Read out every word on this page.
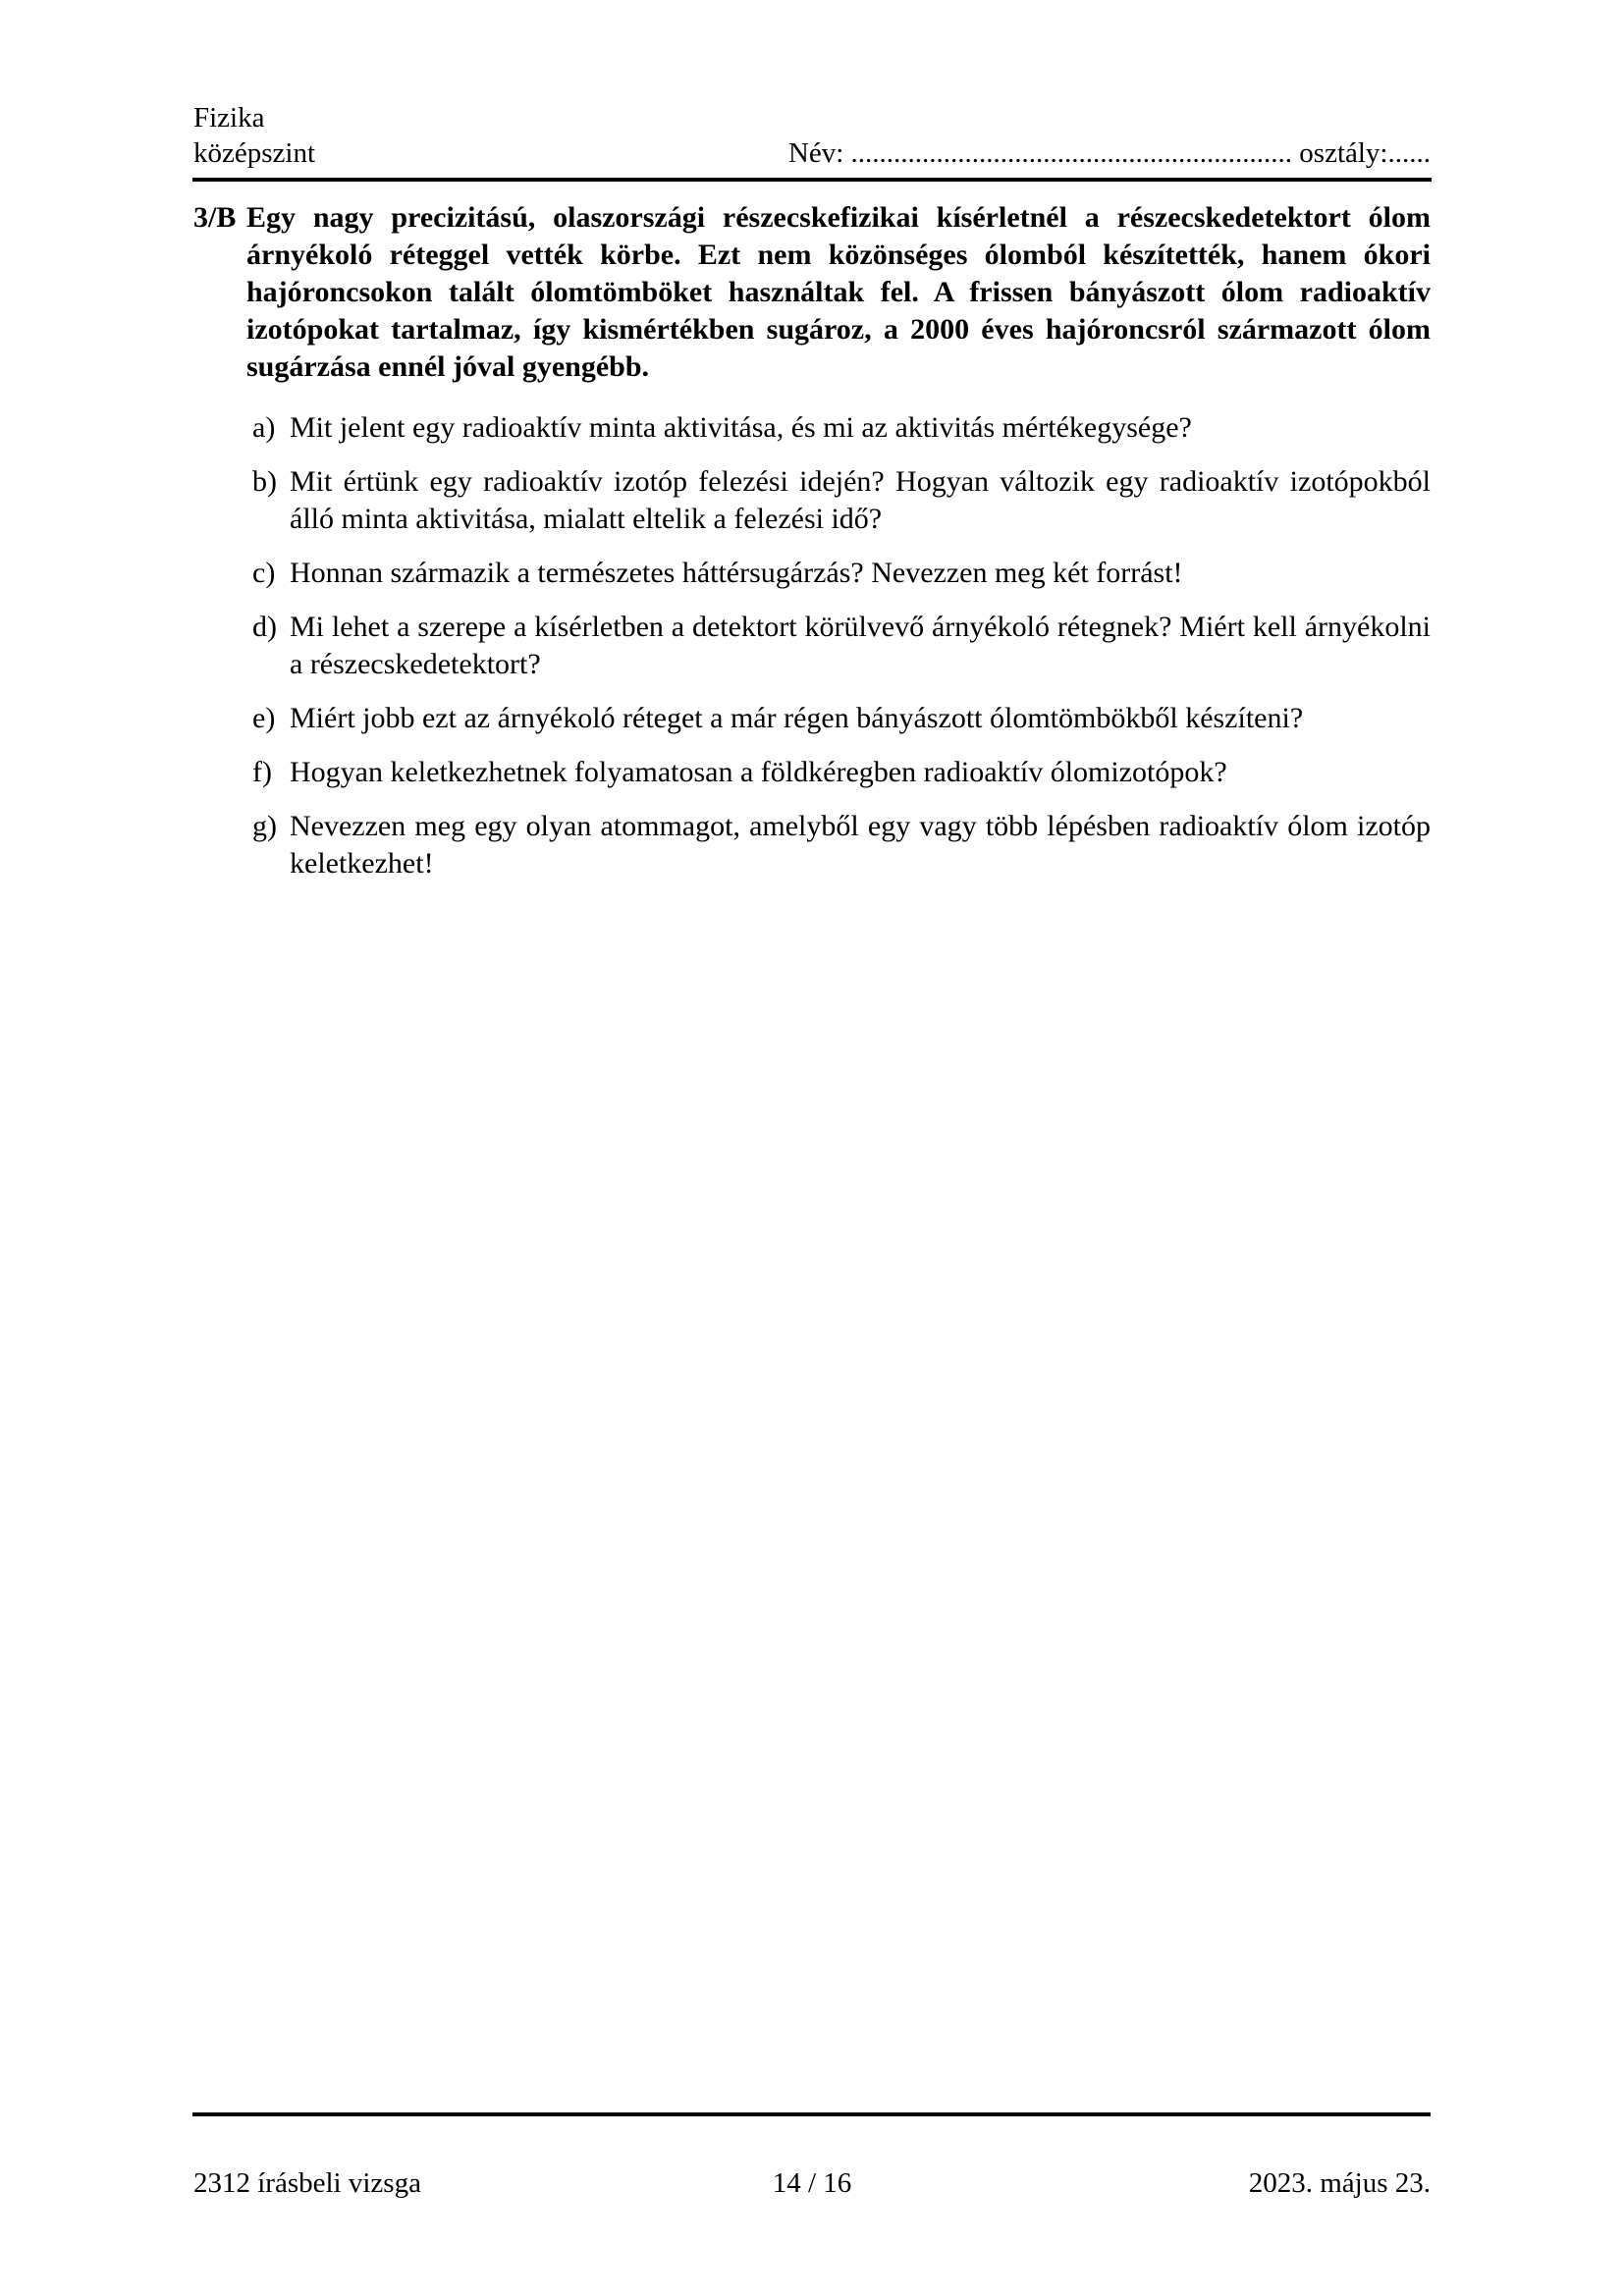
Fizika
középszint	Név: .............................................................. osztály:......
3/B Egy nagy precizitású, olaszországi részecskefizikai kísérletnél a részecskedetektort ólom árnyékoló réteggel vették körbe. Ezt nem közönséges ólomból készítették, hanem ókori hajóroncsokon talált ólomtömböket használtak fel. A frissen bányászott ólom radioaktív izotópokat tartalmaz, így kismértékben sugároz, a 2000 éves hajóroncsról származott ólom sugárzása ennél jóval gyengébb.
a) Mit jelent egy radioaktív minta aktivitása, és mi az aktivitás mértékegysége?
b) Mit értünk egy radioaktív izotóp felezési idején? Hogyan változik egy radioaktív izotópokból álló minta aktivitása, mialatt eltelik a felezési idő?
c) Honnan származik a természetes háttérsugárzás? Nevezzen meg két forrást!
d) Mi lehet a szerepe a kísérletben a detektort körülvevő árnyékoló rétegnek? Miért kell árnyékolni a részecskedetektort?
e) Miért jobb ezt az árnyékoló réteget a már régen bányászott ólomtömbökből készíteni?
f) Hogyan keletkezhetnek folyamatosan a földkéregben radioaktív ólomizotópok?
g) Nevezzen meg egy olyan atommagot, amelyből egy vagy több lépésben radioaktív ólom izotóp keletkezhet!
2312 írásbeli vizsga	14 / 16	2023. május 23.
